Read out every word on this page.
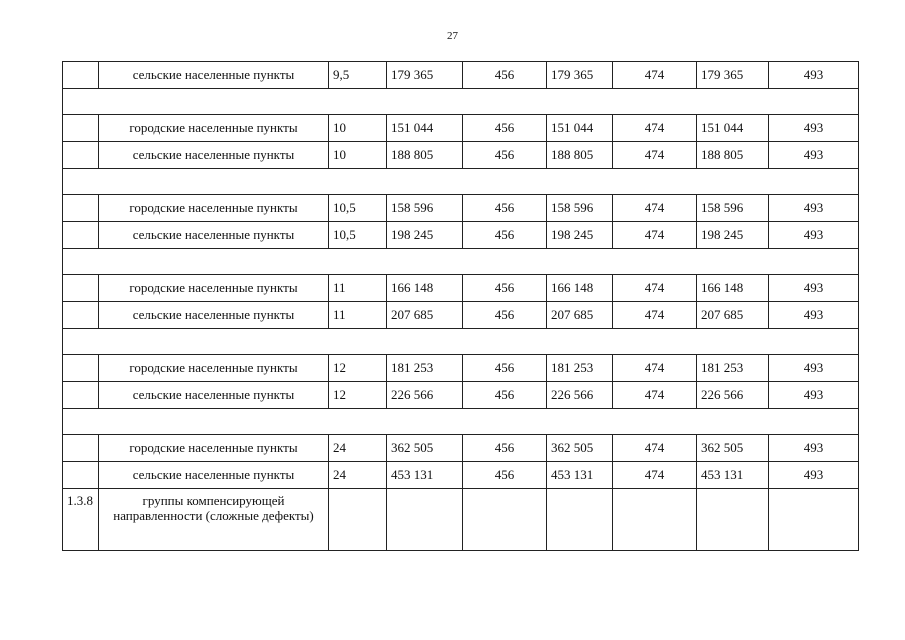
27
	сельские населенные пункты	9,5	179 365	456	179 365	474	179 365	493

	городские населенные пункты	10	151 044	456	151 044	474	151 044	493
	сельские населенные пункты	10	188 805	456	188 805	474	188 805	493

	городские населенные пункты	10,5	158 596	456	158 596	474	158 596	493
	сельские населенные пункты	10,5	198 245	456	198 245	474	198 245	493

	городские населенные пункты	11	166 148	456	166 148	474	166 148	493
	сельские населенные пункты	11	207 685	456	207 685	474	207 685	493

	городские населенные пункты	12	181 253	456	181 253	474	181 253	493
	сельские населенные пункты	12	226 566	456	226 566	474	226 566	493

	городские населенные пункты	24	362 505	456	362 505	474	362 505	493
	сельские населенные пункты	24	453 131	456	453 131	474	453 131	493
1.3.8	группы компенсирующей направленности (сложные дефекты)							
